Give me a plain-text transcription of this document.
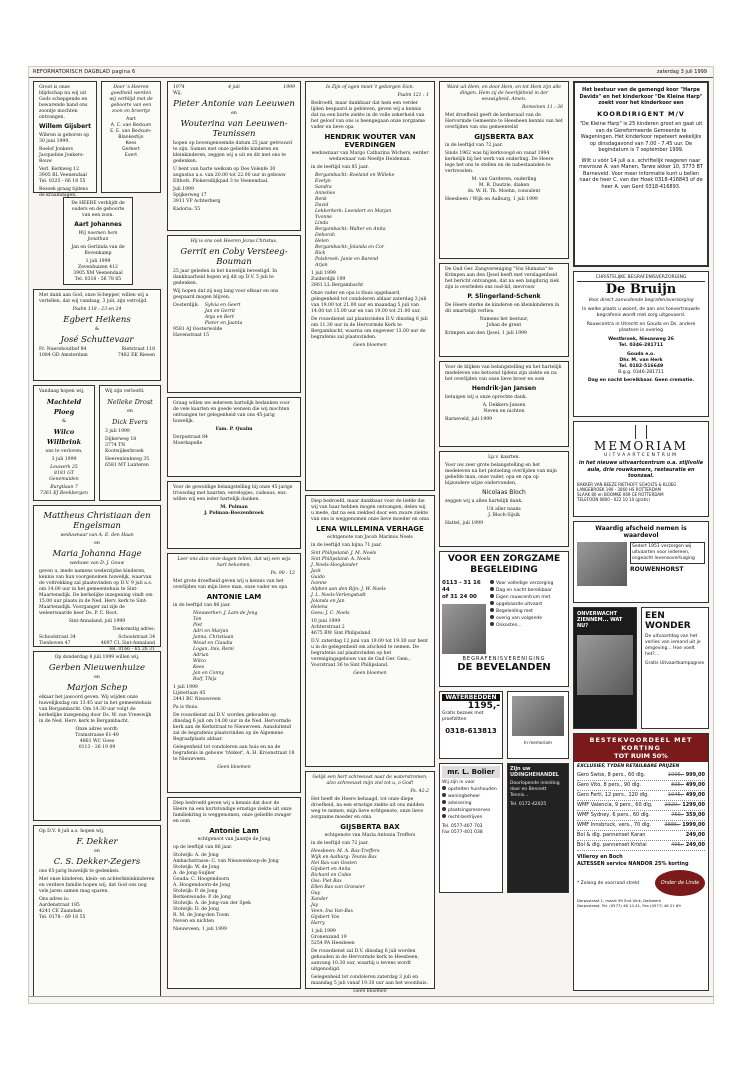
REFORMATORISCH DAGBLAD pagina 6	zaterdag 3 juli 1999

Groot is onze blijdschap nu wij uit Gods schepgende en bewarende hand ons zoontje mochten ontvangen.

Willem Gijsbert

Wibren is geboren op 30 juni 1999.

Roelof Jonkers
Jacqueline Jonkers-Bouw

Verl. Kerkweg 12
3905 BL Veenendaal
Tel. 0325 - 66 18 55

Bezoek graag tijdens de kraamdagen.

Door 's Heeren goedheid werden wij verblijd met de geboorte van een zoon en broertje

Aart
A. C. van Beckum
E. E. van Beckum-Blankestijn
Kees
Gerbert
Evert

De HEERE verblijdt de ouders en de geboorte van een zoon.

Aart Johannes

Wij noemen hem Jonathan

Jan en Gerlinda van de Bovenkamp

1 juli 1999
Zevenhuizen 412
3905 XM Veenendaal
Tel. 0318 - 56 78 65

Met dank aan God, onze Schepper, willen wij u vertellen, dat wij vandaag, 3 juli, zijn vetrolijd.

Psalm 118 : 23 en 24

Egbert Heikens
&
José Schuttevaar
Fr. Naereboutbof 84
1084 GD Amsterdam
Rietstraat 118
7482 EK Riesen

Vandaag hopen wij,

Machteld Ploeg
&
Wilco Willbrink

ons te verloven.

3 juli 1999

Leuwerk 25
8181 GT Genemuiden

Burgtlaan 7
7361 EJ Beekbergen

Wij zijn verloofd.

Nelleke Drost
en
Dick Evers

3 juli 1999

Dijkerweg 18
3774 TN Kootwijkerbroek

Heerenlonkweg 35
6581 MT Lunteren

Mattheus Christiaan den Engelsman

weduwnaar van A. E. den Haan

en
Maria Johanna Hage

weduwe van D. J. Gouw

geven u, mede namens wederzijdse kinderen, kennis van hun voorgenomen huwelijk, waarvan de voltrekking zal plaatsvinden op D.V. 9 juli a.s. om 14.00 uur in het gemeentehuis te Sint-Maartensdijk. De kerkelijke inzegening vindt om 15.00 uur plaats in de Ned. Herv. kerk te Sint-Maartensdijk. Voorganger zal zijn de weleerwaarde heer Ds. P. C. Boot.

Sint-Annaland, juli 1999

Toekomstig adres:

Schoolstraat 34
Tienhoven 47
Schoolstraat 34
4697 CL Sint-Annaland
Tel. 0166 - 65 26 31

Op donderdag 8 juli 1999 willen wij,

Gerben Nieuwenhuize
en
Marjon Schep

elkaar het jawoord geven. Wij wijden onze huwelijksdag om 13.45 uur in het gemeentehuis van Bergambacht. Om 14.30 uur volgt de kerkelijke inzegening door Ds. W. van Vreeswijk in de Ned. Herv. kerk te Bergambacht.

Onze adres wordt:
Tramstrasse 61-49
4861 WC Goes
0113 - 26 19 09

Op D.V. 8 juli a.s. hopen wij,

F. Dekker
en
C. S. Dekker-Zegers

ons 65-jarig huwelijk te gedenken.

Met onze kinderen, klein- en achterkleinkinderen en verdere familie hopen wij, dat God ons nog vele jaren samen mag sparen.

Ons adres is:
Aardenstraat 185
4241 CE Zaandam
Tel. 0178 - 69 16 55

1974	4 juli	1999

Wij,

Pieter Antonie van Leeuwen
en
Wouterina van Leeuwen-Teunissen

hopen op bovengenoemde datum 25 jaar getrouwd te zijn. Samen met onze geliefde kinderen en kleinkinderen, zeggen wij u uit en dit met ons te gedenken.

U bent van harte welkom op Des Volenfe 30 augustus a.s. van 20.00 tot 22.00 uur in gebouw Elthofs, Plokersdiijkpad 3 te Veenendaal.

Juli 1999
Spijkerweg 17
3911 VP Achterberg

Kadoria: 55

Hij is ons ook Heeren Jezus Christus.

Gerrit en Coby Versteeg-Bouman

25 jaar geleden in het huwelijk bevestigd. In dankbaarheid hopen wij dit op D.V. 5 juli te gedenken.

Wij hopen dat zij nog lang voor elkaar en ons gespaard mogen blijven.

Oosterdijk: Sylvia en Geert
Jan en Gerrit
Anja en Bert
Pieter en Jaanta

9581 AJ Oosterwolde
Havenstraat 15

Graag willen we iedereen hartelijk bedanken voor de vele kaarten en goede wensen die wij mochten ontvangen ter gelegenheid van ons 45-jarig huwelijk.

Fam. P. Qualm

Dorpsstraat 84
Moerkapelle

Voor de gewoldige belangstelling bij onze 45-jarige trouwdag met kaarten, envelopjes, cadeaus, enz. willen wij een ieder hartelijk danken.

M. Polman
J. Polman-Boezenbroek

Leer ons alzo onze dagen tellen, dat wij een wijs hart bekomen.

Ps. 90 : 12

Met grote droefheid geven wij u kennis van het overlijden van mijn lieve man, onze vader en opa

ANTONIE LAM

in de leeftijd van 86 jaar.

Nieuwerker: J. Lam-de Jong
Ton
Piet
Adri en Marjan
Janna, Christiaan
Woud en Claudia
Logan, Inis, Remi
Adrian
Wilco
Kees
Jan en Conny
Rolf, Thijs

1 juli 1999
Lijsterlaan 45
2441 BC Nieuwveen

Pa is thuis.

De rouwdienst zal D.V. worden gehouden op dinsdag 6 juli om 14.00 uur in de Ned. Hervormde kerk aan de Kerkstraat te Nieuwveen. Aansluitend zal de begrafenis plaatsvinden op de Algemene Begraafplaats aldaar.

Gelegenheid tot condoleren aan huis en na de begrafenis in gebouw 'tAnker', A. H. Kroonstraat 18 te Nieuwveen.

Geen bloemen

Diep bedroefd geven wij u kennis dat door de Heere na een kortstondige ernstige ziekte uit onze familiekring is weggenomen, onze geliefde zwager en oom

Antonie Lam

echtgenoot van Jaantje de Jong

op de leeftijd van 86 jaar.

Stolwijk: A. de Jong
Ambachstrasse: C. van Nieuwenkoop-de Jong
Stolwijk: W. de Jong
A. de Jong-Suijker
Gouda: C. Hoogendoorn
A. Hoogendoorn-de Jong
Stolwijk: P. de Jong
Berkenwoude: P. de Jong
Stolwijk: A. de Jong-van der Spek
Stolwijk: D. de Jong
R. M. de Jong-den Toom
Neven en nichten

Nieuwveen, 1 juli 1999

Is Zijn of ogen moet 't geborgen Sion.

Psalm 121 : 1

Bedroefd, maar dankbaar dat hem een verder lijden bespaard is gebleven, geven wij u kennis dat na een korte ziekte in de volle zekerheid van het geloof van ons is heengegaan onze zorgzame vader en lieve opa

HENDRIK WOUTER VAN EVERDINGEN

weduwnaar van Margo Catharina Wichers, eerder weduwnaar van Neeltje Heideman.

in de leeftijd van 85 jaar.

Bergambacht: Roeland en Willeke
Evelyn
Sandra
Annelies
Renk
David
Lekkerkerk: Leendert en Marjan
Yvonne
Linda
Bergambacht: Walter en Anita
Deborah
Helen
Bergambacht: Jolanda en Cor
Rick
Polsbroek: Janie en Barend
Arjan

1 juli 1999
Zuiderdijk 199
2861 LL Bergambacht

Onze vader en opa is thuis opgebaard, gelegenheid tot condoleren aldaar zaterdag 3 juli van 19.00 tot 21.00 uur en maandag 5 juli van 14.00 tot 15.00 uur en van 19.00 tot 21.00 uur.

De rouwdienst zal plaatsvinden D.V. dinsdag 6 juli om 11.30 uur in de Hervormde Kerk te Bergambacht, waarna om ongeveer 13.00 uur de begrafenis zal plaatsvinden.

Geen bloemen

Diep bedroefd, maar dankbaar voor de liefde die wij van haar hebben mogen ontvangen, delen wij u mede, dat na een ziekbed door een zware ziekte van ons is weggenomen onze lieve moeder en oma

LENA WILLEMINA VERHAGE

echtgenote van Jacob Marinus Noels

in de leeftijd van bijna 71 jaar.

Sint Philipsland: J. M. Noels
Sint Philipsland: A. Noels
J. Noels-Hooglander
Jack
Guido
Ivonne
Alphen aan den Rijn: J. W. Noels
J. L. Noels-Verlengstudt
Jolanda en Jan
Helena
Goes: J. C. Noels

10 juni 1999
Achterstraat 2
4675 BW Sint Philipsland

D.V. zaterdag 12 juni van 19.00 tot 19.30 uur bent u in de gelegenheid om afscheid te nemen. De begrafenis zal plaatsvinden op het verenigingsgebouw van de Oud Ger. Gem., Voorstraat 36 te Sint Philipsland.

Geen bloemen

Gelijk een hert schreeuwt naar de waterstromen, alzo schreeuwt mijn ziel tot u, o God!

Ps. 42:2

Het heeft de Heere behaagd, tot onze diepe droefheid, na een ernstige ziekte uit ons midden weg te nemen, mijn lieve echtgenote, onze lieve zorgzame moeder en oma

GIJSBERTA BAX

echtgenote van Maria Antonia Treffers

in de leeftijd van 72 jaar.

Heesbeen: M. A. Bax-Treffers
Wijk en Aalburg: Teunis Bax
Nel Bax-van Oosten
Gijsbert en Anita
Richard en Cobie
Oss: Piet Bax
Ellen Bax-van Gransier
Guy
Xander
Jay
Veen: Ina Van-Bax
Gijsbert Vos
Harry

1 juli 1999
Gronenzand 19
5254 PA Heesbeen

De rouwdienst zal D.V. dinsdag 6 juli worden gehouden in de Hervormde kerk te Heesbeen, aanvang 10.30 uur, waarbij u tevens wordt uitgenodigd.

Gelegenheid tot condoleren zaterdag 3 juli en maandag 5 juli vanaf 19.30 uur aan het woonhuis.

Geen bloemen

Want uit Hem, en door Hem, en tot Hem zijn alle dingen. Hem zij de heerlijkheid in der eeuwigheid. Amen.

Romeinen 11 : 36

Met droefheid geeft de kerkeraad van de Hervormde Gemeente te Heesbeen kennis van het overlijden van ons gemeentelid

GIJSBERTA BAX

in de leeftijd van 72 jaar.

Sinds 1962 was hij kerkvoogd en vanaf 1984 kerkelijk bij het werk van onderling. De Heere lege het ons te stellen en de nabestaanden te vertroosten.

M. van Garderen, ouderling
M. R. Dautzie, diaken
ds. W. H. Th. Moehn, consulent

Heesbeen / Wijk en Aalburg, 1 juli 1999

De Oud Ger. Zangvereniging "Vox Humana" te Krimpen aan den IJssel heeft met verslagenheid het bericht ontvangen, dat na een langdurig ziek zijn is overleden ons oud-lid, mevrouw

P. Slingerland-Schenk

De Heere sterke de kinderen en kleinkinderen in dit smartelijk verlies.

Namens het bestuur,
Johan de grent

Krimpen aan den IJssel, 1 juli 1999

Voor de blijken van belangstelling en het hartelijk medeleven ons betoond tijdens zijn ziekte en na het overlijden van onze lieve broer en oom

Hendrik-Jan Jansen

betuigen wij u onze oprechte dank.

A. Dekkers-Jansen
Neven en nichten

Barneveld, juli 1999

Lp.v. kaarten.

Voor uw zeer grote belangstelling en het medeleven na het plotseling overlijden van mijn geliefde man, onze vader, opa en opa op bijzondere wijze ondervonden,

Nicolaas Bloch

zeggen wij u allen hartelijk dank.

Uit aller naam:
J. Bloch-Sijsik

Hattel, juli 1999

VOOR EEN ZORGZAME BEGELEIDING
0113 - 31 16 44
of 31 24 00
Voor volledige verzorging
Dag en nacht bereikbaar
Eigen rouwcentrum met
opgebaarde uitvaart
Begeleiding met
overig van volgende
Onkosten...
BEGRAFENISVERENIGING
DE BEVELANDEN
WATERBEDDEN
1195,-
Gratis bezoek met proefzitten
0318-613813
In memoriam
mr. L. Bolier
Wij zijn in voor
opstelten huishouden
woningbeheer
advisering
plaatsingsreserves
recht-bedrijven
Tel. 0577-407 703
Fax 0577-401 038
Zijn uw UDINGHEHANDEL
Doorlopende inleiding door en Bennett Tennis...
Tel. 0172-42025

Het bestuur van de gemengd koor "Harpe Davids" en het kinderkoor "De Kleine Harp" zoekt voor het kinderkoor een

KOORDIRIGENT M/V

"De Kleine Harp" is 25 kinderen groot en gaat uit van de Gereformeerde Gemeente te Wageningen. Het kinderkoor repeteert wekelijks op dinsdagavond van 7.00 - 7.45 uur. De begindatum is 7 september 1999.

Wilt u vóór 14 juli a.s. schriftelijk reageren naar mevrouw A. van Manen, Tarwe akker 10, 3773 BT Barneveld. Voor meer informatie kunt u bellen naar de heer C. van der Hoek 0318-416843 of de heer A. van Gent 0318-416893.

CHRISTELIJKE BEGRAFENISVERZORGING
De Bruijn
Voor direct aanvullende begrafenisverzorging
In welke plaats u woont, de aan ons toevertrouwde begrafenis wordt met zorg uitgevoerd.
Rouwcentra in Utrecht en Gouda en Ds. andere plaatsen in overleg
Westbroek, Nieuwweg 26
Tel. 0346-281711
Gouda e.o.
Dhr. M. van Herk
Tel. 0182-516649
B.g.g. 0346-281711
Dag en nacht bereikbaar. Geen crematie.
MEMORIAM
UITVAARTCENTRUM
in het nieuwe uitvaartcentrum o.a. stijlvolle aula, drie rouwkamers, restauratie en toonzaal.
BAKKER VAN BEEZE RIETHOFF SCHOLTS & KLOEG
LANGEBROEK 190 - 3060 HS ROTTERDAM
SLAAK 80 en BOOMKE 069 CE ROTTERDAM
TELEFOON 0800 - 022 10 10 (gratis)
Waardig afscheid nemen is waardevol
Sedert 1951 verzorgen wij uitvaarten voor iedereen, ongeacht levensovertuiging
ROUWENHORST
ONVERWACHT ZIENNEM... WAT NU?
EEN WONDER
De uitvaartdag van het verlies van iemand uit je omgeving... Hoe voelt het?...
Gratis Uitvaartkampagnes
BESTEKVOORDEEL MET KORTING
TOT RUIM 50%
EXCLUSIEF, TYDEN RETAILBARE PRIJZEN
Gero Swiss, 8 pers., 60 dlg.	1095,- 999,00
Gero Vito, 8 pers., 90 dlg.	895,- 499,00
Gero Ferti, 12 pers., 120 dlg.	1045,- 499,00
WMF Valencia, 9 pers., 60 dlg. 2320,- 1299,00
WMF Sydney, 6 pers., 60 dlg.	750,- 359,00
WMF Innsbruck, vers., 70 dlg.	3885,- 1999,00
Bol & dlg. pannenset Karan	249,00
Bol & dlg. pannenset Kristal	495,- 249,00
Villeroy en Boch
ALTESSEN service NANDOR 25% korting
* Zolang de voorraad strekt	Onder de Linde boom
Dorpsstraat 1, maart 99 Sint Vink, Dalewerk
Dorpsstraat, Tel. (0577) 46 14 41, Fax (0577) 46 21 69
